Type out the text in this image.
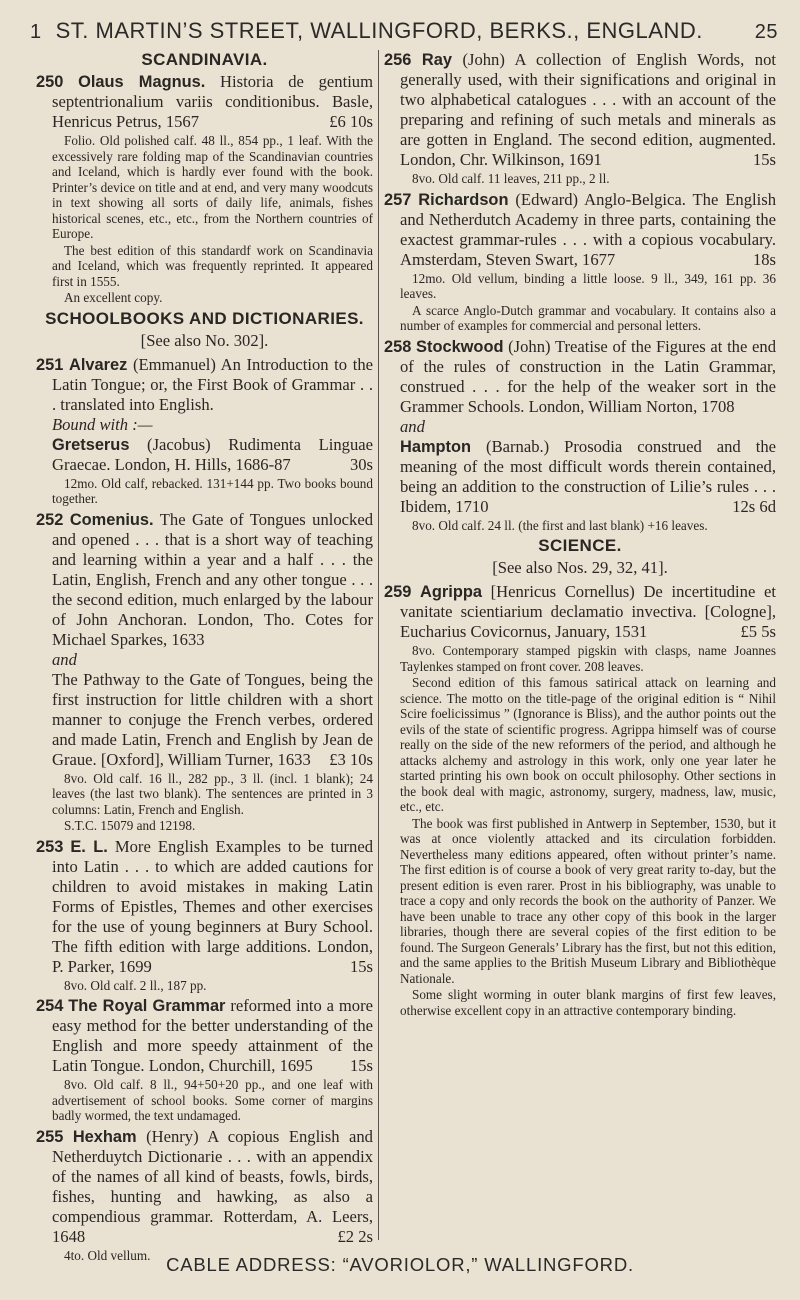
1 ST. MARTIN’S STREET, WALLINGFORD, BERKS., ENGLAND.	25
SCANDINAVIA.
250 Olaus Magnus. Historia de gentium septentrionalium variis conditionibus. Basle, Henricus Petrus, 1567	£6 10s
Folio. Old polished calf. 48 ll., 854 pp., 1 leaf. With the excessively rare folding map of the Scandinavian countries and Iceland, which is hardly ever found with the book. Printer’s device on title and at end, and very many woodcuts in text showing all sorts of daily life, animals, fishes historical scenes, etc., etc., from the Northern countries of Europe.
The best edition of this standardf work on Scandinavia and Iceland, which was frequently reprinted. It appeared first in 1555.
An excellent copy.
SCHOOLBOOKS AND DICTIONARIES.
[See also No. 302].
251 Alvarez (Emmanuel) An Introduction to the Latin Tongue; or, the First Book of Grammar . . . translated into English.
Bound with :—
Gretserus (Jacobus) Rudimenta Linguae Graecae. London, H. Hills, 1686-87	30s
12mo. Old calf, rebacked. 131+144 pp. Two books bound together.
252 Comenius. The Gate of Tongues unlocked and opened . . . that is a short way of teaching and learning within a year and a half . . . the Latin, English, French and any other tongue . . . the second edition, much enlarged by the labour of John Anchoran. London, Tho. Cotes for Michael Sparkes, 1633
and
The Pathway to the Gate of Tongues, being the first instruction for little children with a short manner to conjuge the French verbes, ordered and made Latin, French and English by Jean de Graue. [Oxford], William Turner, 1633	£3 10s
8vo. Old calf. 16 ll., 282 pp., 3 ll. (incl. 1 blank); 24 leaves (the last two blank). The sentences are printed in 3 columns: Latin, French and English.
S.T.C. 15079 and 12198.
253 E. L. More English Examples to be turned into Latin . . . to which are added cautions for children to avoid mistakes in making Latin Forms of Epistles, Themes and other exercises for the use of young beginners at Bury School. The fifth edition with large additions. London, P. Parker, 1699	15s
8vo. Old calf. 2 ll., 187 pp.
254 The Royal Grammar reformed into a more easy method for the better understanding of the English and more speedy attainment of the Latin Tongue. London, Churchill, 1695 15s
8vo. Old calf. 8 ll., 94+50+20 pp., and one leaf with advertisement of school books. Some corner of margins badly wormed, the text undamaged.
255 Hexham (Henry) A copious English and Netherduytch Dictionarie . . . with an appendix of the names of all kind of beasts, fowls, birds, fishes, hunting and hawking, as also a compendious grammar. Rotterdam, A. Leers, 1648	£2 2s
4to. Old vellum.
256 Ray (John) A collection of English Words, not generally used, with their significations and original in two alphabetical catalogues . . . with an account of the preparing and refining of such metals and minerals as are gotten in England. The second edition, augmented. London, Chr. Wilkinson, 1691	15s
8vo. Old calf. 11 leaves, 211 pp., 2 ll.
257 Richardson (Edward) Anglo-Belgica. The English and Netherdutch Academy in three parts, containing the exactest grammar-rules . . . with a copious vocabulary. Amsterdam, Steven Swart, 1677	18s
12mo. Old vellum, binding a little loose. 9 ll., 349, 161 pp. 36 leaves.
A scarce Anglo-Dutch grammar and vocabulary. It contains also a number of examples for commercial and personal letters.
258 Stockwood (John) Treatise of the Figures at the end of the rules of construction in the Latin Grammar, construed . . . for the help of the weaker sort in the Grammer Schools. London, William Norton, 1708
and
Hampton (Barnab.) Prosodia construed and the meaning of the most difficult words therein contained, being an addition to the construction of Lilie’s rules . . . Ibidem, 1710	12s 6d
8vo. Old calf. 24 ll. (the first and last blank) +16 leaves.
SCIENCE.
[See also Nos. 29, 32, 41].
259 Agrippa [Henricus Cornellus) De incertitudine et vanitate scientiarium declamatio invectiva. [Cologne], Eucharius Covicornus, January, 1531	£5 5s
8vo. Contemporary stamped pigskin with clasps, name Joannes Taylenkes stamped on front cover. 208 leaves.
Second edition of this famous satirical attack on learning and science. The motto on the title-page of the original edition is “ Nihil Scire foelicissimus ” (Ignorance is Bliss), and the author points out the evils of the state of scientific progress. Agrippa himself was of course really on the side of the new reformers of the period, and although he attacks alchemy and astrology in this work, only one year later he started printing his own book on occult philosophy. Other sections in the book deal with magic, astronomy, surgery, madness, law, music, etc., etc.
The book was first published in Antwerp in September, 1530, but it was at once violently attacked and its circulation forbidden. Nevertheless many editions appeared, often without printer’s name. The first edition is of course a book of very great rarity to-day, but the present edition is even rarer. Prost in his bibliography, was unable to trace a copy and only records the book on the authority of Panzer. We have been unable to trace any other copy of this book in the larger libraries, though there are several copies of the first edition to be found. The Surgeon Generals’ Library has the first, but not this edition, and the same applies to the British Museum Library and Bibliothèque Nationale.
Some slight worming in outer blank margins of first few leaves, otherwise excellent copy in an attractive contemporary binding.
CABLE ADDRESS: “AVORIOLOR,” WALLINGFORD.
